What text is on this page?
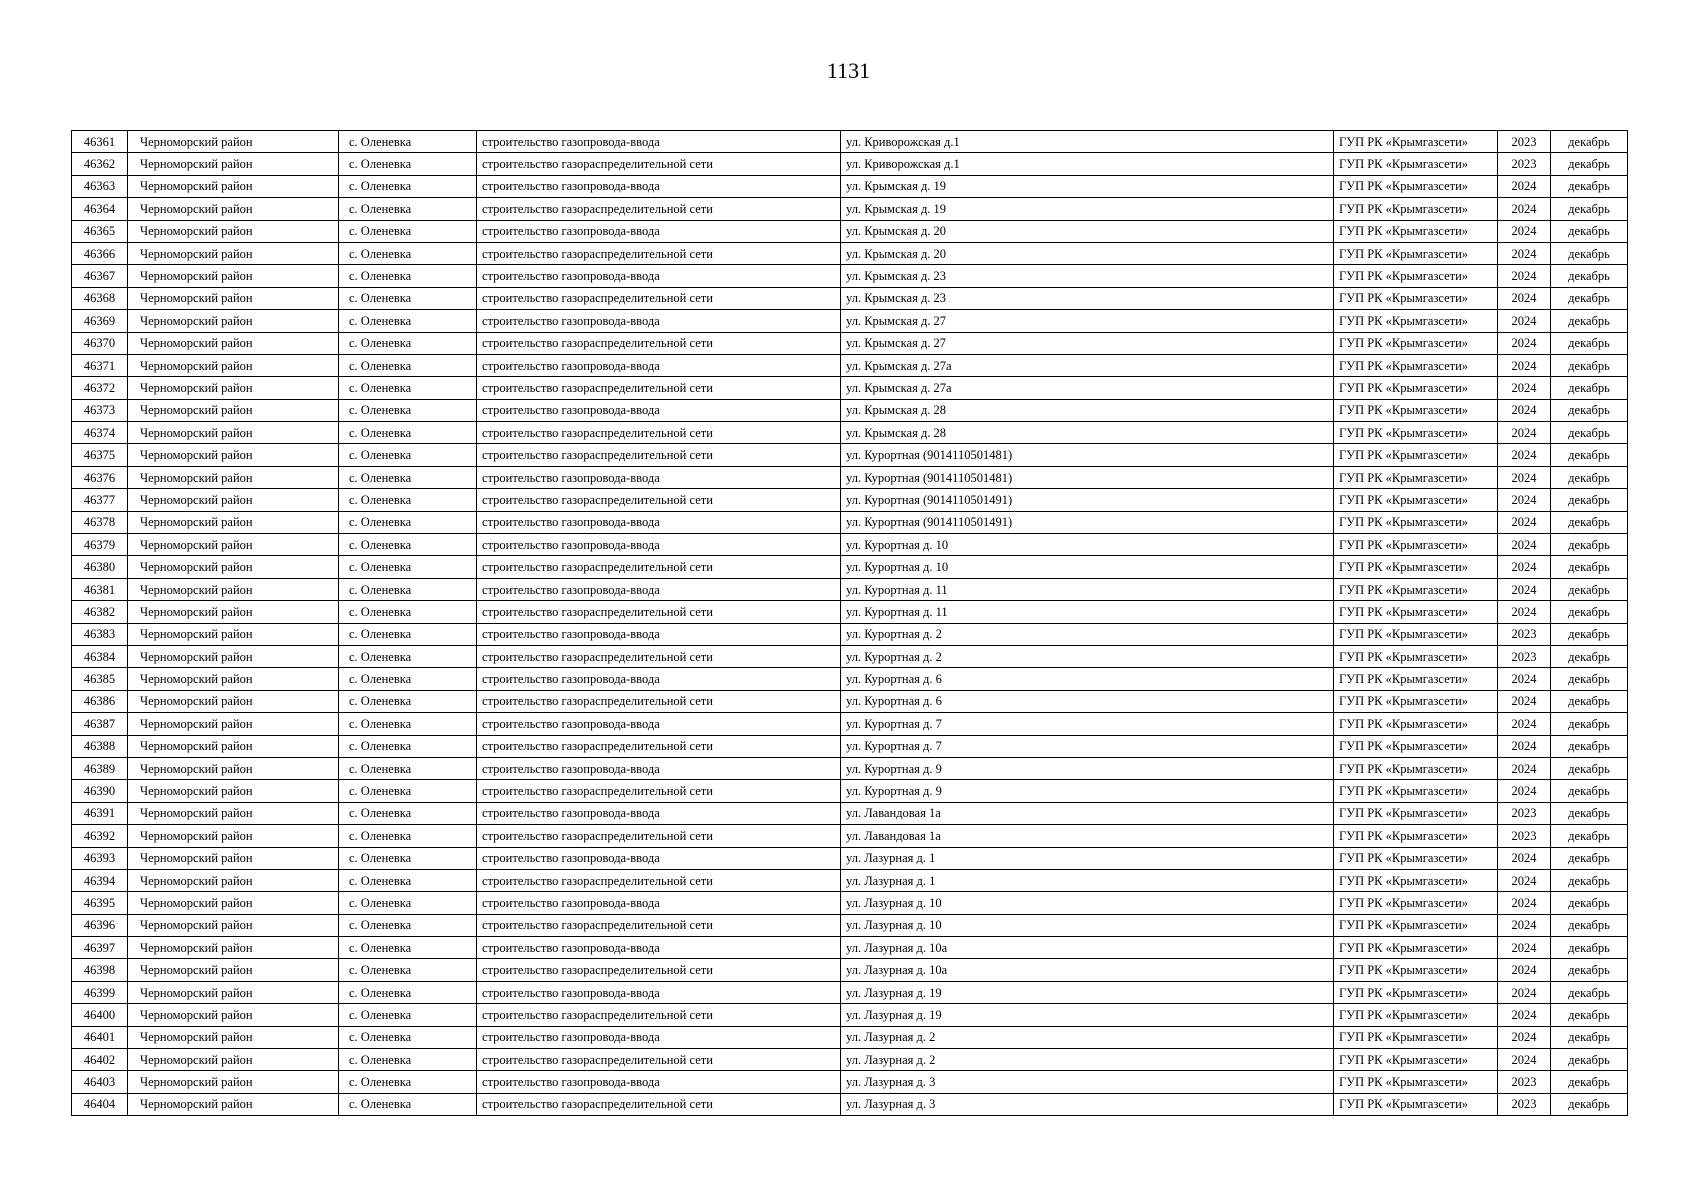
1131
46361	Черноморский район	с. Оленевка	строительство газопровода-ввода	ул. Криворожская д.1	ГУП РК «Крымгазсети»	2023	декабрь
46362	Черноморский район	с. Оленевка	строительство газораспределительной сети	ул. Криворожская д.1	ГУП РК «Крымгазсети»	2023	декабрь
46363	Черноморский район	с. Оленевка	строительство газопровода-ввода	ул. Крымская д. 19	ГУП РК «Крымгазсети»	2024	декабрь
46364	Черноморский район	с. Оленевка	строительство газораспределительной сети	ул. Крымская д. 19	ГУП РК «Крымгазсети»	2024	декабрь
46365	Черноморский район	с. Оленевка	строительство газопровода-ввода	ул. Крымская д. 20	ГУП РК «Крымгазсети»	2024	декабрь
46366	Черноморский район	с. Оленевка	строительство газораспределительной сети	ул. Крымская д. 20	ГУП РК «Крымгазсети»	2024	декабрь
46367	Черноморский район	с. Оленевка	строительство газопровода-ввода	ул. Крымская д. 23	ГУП РК «Крымгазсети»	2024	декабрь
46368	Черноморский район	с. Оленевка	строительство газораспределительной сети	ул. Крымская д. 23	ГУП РК «Крымгазсети»	2024	декабрь
46369	Черноморский район	с. Оленевка	строительство газопровода-ввода	ул. Крымская д. 27	ГУП РК «Крымгазсети»	2024	декабрь
46370	Черноморский район	с. Оленевка	строительство газораспределительной сети	ул. Крымская д. 27	ГУП РК «Крымгазсети»	2024	декабрь
46371	Черноморский район	с. Оленевка	строительство газопровода-ввода	ул. Крымская д. 27а	ГУП РК «Крымгазсети»	2024	декабрь
46372	Черноморский район	с. Оленевка	строительство газораспределительной сети	ул. Крымская д. 27а	ГУП РК «Крымгазсети»	2024	декабрь
46373	Черноморский район	с. Оленевка	строительство газопровода-ввода	ул. Крымская д. 28	ГУП РК «Крымгазсети»	2024	декабрь
46374	Черноморский район	с. Оленевка	строительство газораспределительной сети	ул. Крымская д. 28	ГУП РК «Крымгазсети»	2024	декабрь
46375	Черноморский район	с. Оленевка	строительство газораспределительной сети	ул. Курортная (9014110501481)	ГУП РК «Крымгазсети»	2024	декабрь
46376	Черноморский район	с. Оленевка	строительство газопровода-ввода	ул. Курортная (9014110501481)	ГУП РК «Крымгазсети»	2024	декабрь
46377	Черноморский район	с. Оленевка	строительство газораспределительной сети	ул. Курортная (9014110501491)	ГУП РК «Крымгазсети»	2024	декабрь
46378	Черноморский район	с. Оленевка	строительство газопровода-ввода	ул. Курортная (9014110501491)	ГУП РК «Крымгазсети»	2024	декабрь
46379	Черноморский район	с. Оленевка	строительство газопровода-ввода	ул. Курортная д. 10	ГУП РК «Крымгазсети»	2024	декабрь
46380	Черноморский район	с. Оленевка	строительство газораспределительной сети	ул. Курортная д. 10	ГУП РК «Крымгазсети»	2024	декабрь
46381	Черноморский район	с. Оленевка	строительство газопровода-ввода	ул. Курортная д. 11	ГУП РК «Крымгазсети»	2024	декабрь
46382	Черноморский район	с. Оленевка	строительство газораспределительной сети	ул. Курортная д. 11	ГУП РК «Крымгазсети»	2024	декабрь
46383	Черноморский район	с. Оленевка	строительство газопровода-ввода	ул. Курортная д. 2	ГУП РК «Крымгазсети»	2023	декабрь
46384	Черноморский район	с. Оленевка	строительство газораспределительной сети	ул. Курортная д. 2	ГУП РК «Крымгазсети»	2023	декабрь
46385	Черноморский район	с. Оленевка	строительство газопровода-ввода	ул. Курортная д. 6	ГУП РК «Крымгазсети»	2024	декабрь
46386	Черноморский район	с. Оленевка	строительство газораспределительной сети	ул. Курортная д. 6	ГУП РК «Крымгазсети»	2024	декабрь
46387	Черноморский район	с. Оленевка	строительство газопровода-ввода	ул. Курортная д. 7	ГУП РК «Крымгазсети»	2024	декабрь
46388	Черноморский район	с. Оленевка	строительство газораспределительной сети	ул. Курортная д. 7	ГУП РК «Крымгазсети»	2024	декабрь
46389	Черноморский район	с. Оленевка	строительство газопровода-ввода	ул. Курортная д. 9	ГУП РК «Крымгазсети»	2024	декабрь
46390	Черноморский район	с. Оленевка	строительство газораспределительной сети	ул. Курортная д. 9	ГУП РК «Крымгазсети»	2024	декабрь
46391	Черноморский район	с. Оленевка	строительство газопровода-ввода	ул. Лавандовая 1а	ГУП РК «Крымгазсети»	2023	декабрь
46392	Черноморский район	с. Оленевка	строительство газораспределительной сети	ул. Лавандовая 1а	ГУП РК «Крымгазсети»	2023	декабрь
46393	Черноморский район	с. Оленевка	строительство газопровода-ввода	ул. Лазурная д. 1	ГУП РК «Крымгазсети»	2024	декабрь
46394	Черноморский район	с. Оленевка	строительство газораспределительной сети	ул. Лазурная д. 1	ГУП РК «Крымгазсети»	2024	декабрь
46395	Черноморский район	с. Оленевка	строительство газопровода-ввода	ул. Лазурная д. 10	ГУП РК «Крымгазсети»	2024	декабрь
46396	Черноморский район	с. Оленевка	строительство газораспределительной сети	ул. Лазурная д. 10	ГУП РК «Крымгазсети»	2024	декабрь
46397	Черноморский район	с. Оленевка	строительство газопровода-ввода	ул. Лазурная д. 10а	ГУП РК «Крымгазсети»	2024	декабрь
46398	Черноморский район	с. Оленевка	строительство газораспределительной сети	ул. Лазурная д. 10а	ГУП РК «Крымгазсети»	2024	декабрь
46399	Черноморский район	с. Оленевка	строительство газопровода-ввода	ул. Лазурная д. 19	ГУП РК «Крымгазсети»	2024	декабрь
46400	Черноморский район	с. Оленевка	строительство газораспределительной сети	ул. Лазурная д. 19	ГУП РК «Крымгазсети»	2024	декабрь
46401	Черноморский район	с. Оленевка	строительство газопровода-ввода	ул. Лазурная д. 2	ГУП РК «Крымгазсети»	2024	декабрь
46402	Черноморский район	с. Оленевка	строительство газораспределительной сети	ул. Лазурная д. 2	ГУП РК «Крымгазсети»	2024	декабрь
46403	Черноморский район	с. Оленевка	строительство газопровода-ввода	ул. Лазурная д. 3	ГУП РК «Крымгазсети»	2023	декабрь
46404	Черноморский район	с. Оленевка	строительство газораспределительной сети	ул. Лазурная д. 3	ГУП РК «Крымгазсети»	2023	декабрь
